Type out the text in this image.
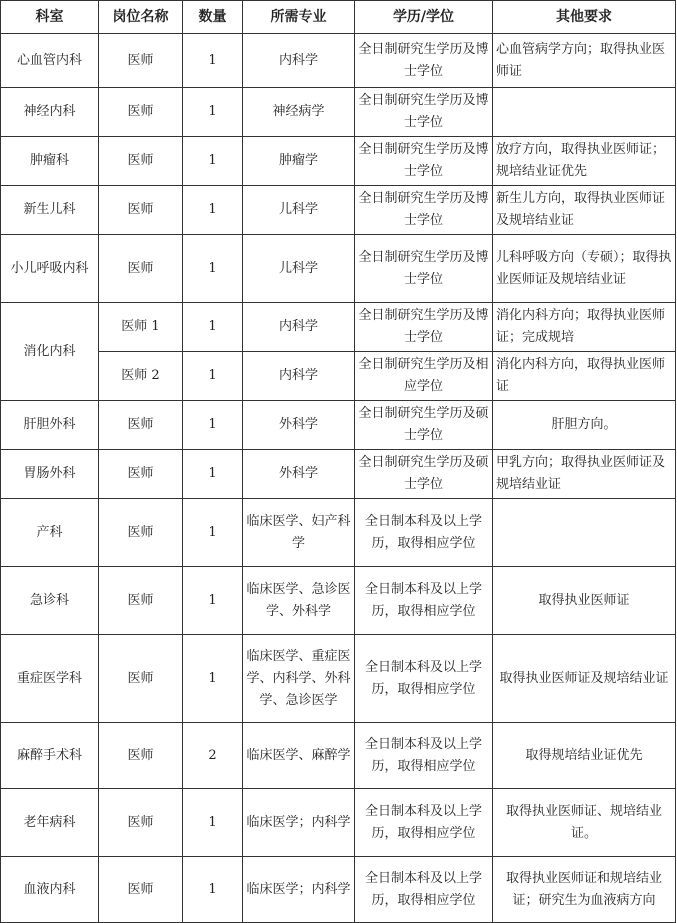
科室	岗位名称	数量	所需专业	学历/学位	其他要求
心血管内科	医师	1	内科学	全日制研究生学历及博士学位	心血管病学方向；取得执业医师证
神经内科	医师	1	神经病学	全日制研究生学历及博士学位	
肿瘤科	医师	1	肿瘤学	全日制研究生学历及博士学位	放疗方向，取得执业医师证；规培结业证优先
新生儿科	医师	1	儿科学	全日制研究生学历及博士学位	新生儿方向，取得执业医师证及规培结业证
小儿呼吸内科	医师	1	儿科学	全日制研究生学历及博士学位	儿科呼吸方向（专硕）；取得执业医师证及规培结业证
消化内科	医师 1	1	内科学	全日制研究生学历及博士学位	消化内科方向；取得执业医师证；完成规培
	医师 2	1	内科学	全日制研究生学历及相应学位	消化内科方向，取得执业医师证
肝胆外科	医师	1	外科学	全日制研究生学历及硕士学位	肝胆方向。
胃肠外科	医师	1	外科学	全日制研究生学历及硕士学位	甲乳方向；取得执业医师证及规培结业证
产科	医师	1	临床医学、妇产科学	全日制本科及以上学历，取得相应学位	
急诊科	医师	1	临床医学、急诊医学、外科学	全日制本科及以上学历，取得相应学位	取得执业医师证
重症医学科	医师	1	临床医学、重症医学、内科学、外科学、急诊医学	全日制本科及以上学历，取得相应学位	取得执业医师证及规培结业证
麻醉手术科	医师	2	临床医学、麻醉学	全日制本科及以上学历，取得相应学位	取得规培结业证优先
老年病科	医师	1	临床医学；内科学	全日制本科及以上学历，取得相应学位	取得执业医师证、规培结业证。
血液内科	医师	1	临床医学；内科学	全日制本科及以上学历，取得相应学位	取得执业医师证和规培结业证；研究生为血液病方向
